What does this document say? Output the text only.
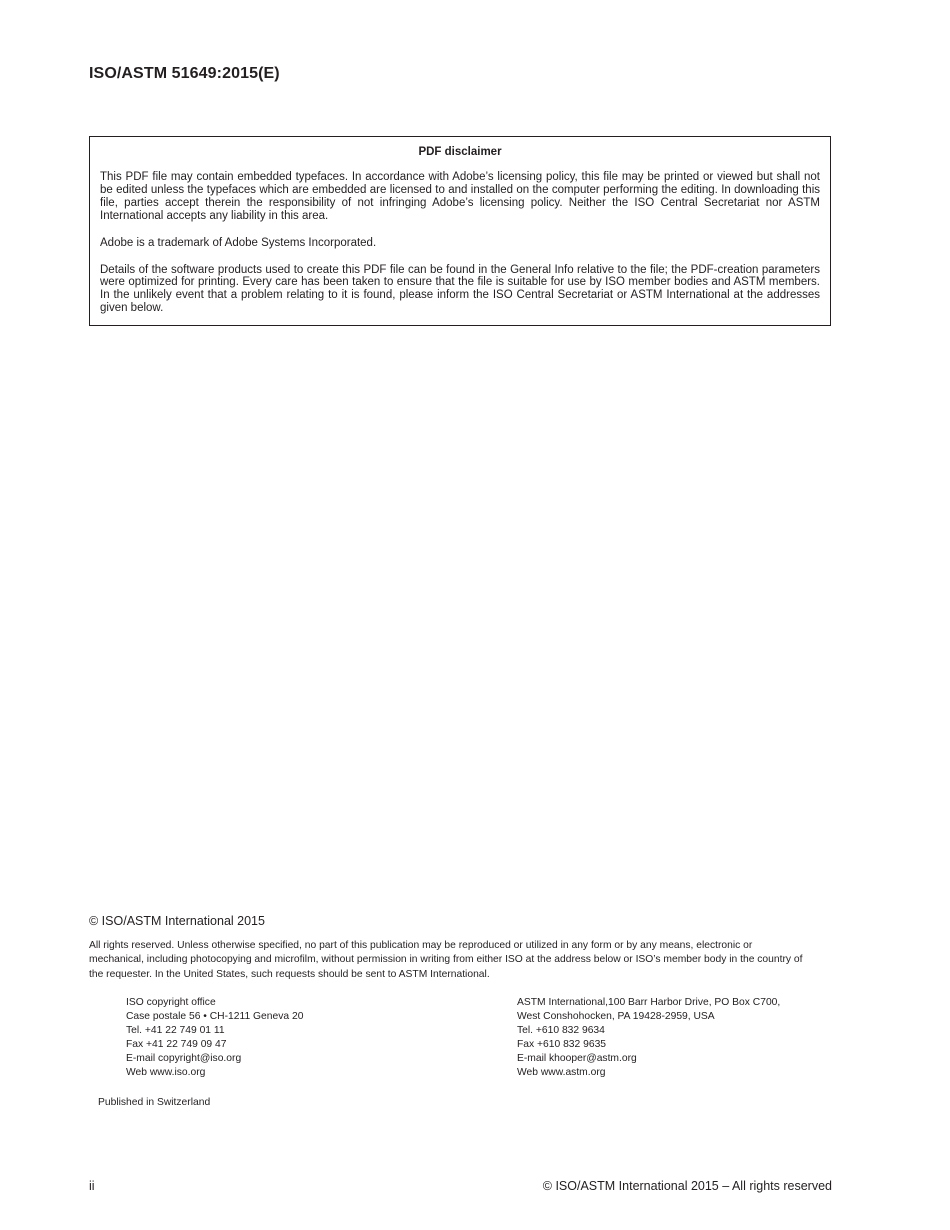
ISO/ASTM 51649:2015(E)
PDF disclaimer

This PDF file may contain embedded typefaces. In accordance with Adobe’s licensing policy, this file may be printed or viewed but shall not be edited unless the typefaces which are embedded are licensed to and installed on the computer performing the editing. In downloading this file, parties accept therein the responsibility of not infringing Adobe’s licensing policy. Neither the ISO Central Secretariat nor ASTM International accepts any liability in this area.

Adobe is a trademark of Adobe Systems Incorporated.

Details of the software products used to create this PDF file can be found in the General Info relative to the file; the PDF-creation parameters were optimized for printing. Every care has been taken to ensure that the file is suitable for use by ISO member bodies and ASTM members. In the unlikely event that a problem relating to it is found, please inform the ISO Central Secretariat or ASTM International at the addresses given below.

© ISO/ASTM International 2015
All rights reserved. Unless otherwise specified, no part of this publication may be reproduced or utilized in any form or by any means, electronic or mechanical, including photocopying and microfilm, without permission in writing from either ISO at the address below or ISO’s member body in the country of the requester. In the United States, such requests should be sent to ASTM International.
ISO copyright office
Case postale 56 • CH-1211 Geneva 20
Tel. +41 22 749 01 11
Fax +41 22 749 09 47
E-mail copyright@iso.org
Web www.iso.org
ASTM International,100 Barr Harbor Drive, PO Box C700,
West Conshohocken, PA 19428-2959, USA
Tel. +610 832 9634
Fax +610 832 9635
E-mail khooper@astm.org
Web www.astm.org
Published in Switzerland
ii	© ISO/ASTM International 2015 – All rights reserved
